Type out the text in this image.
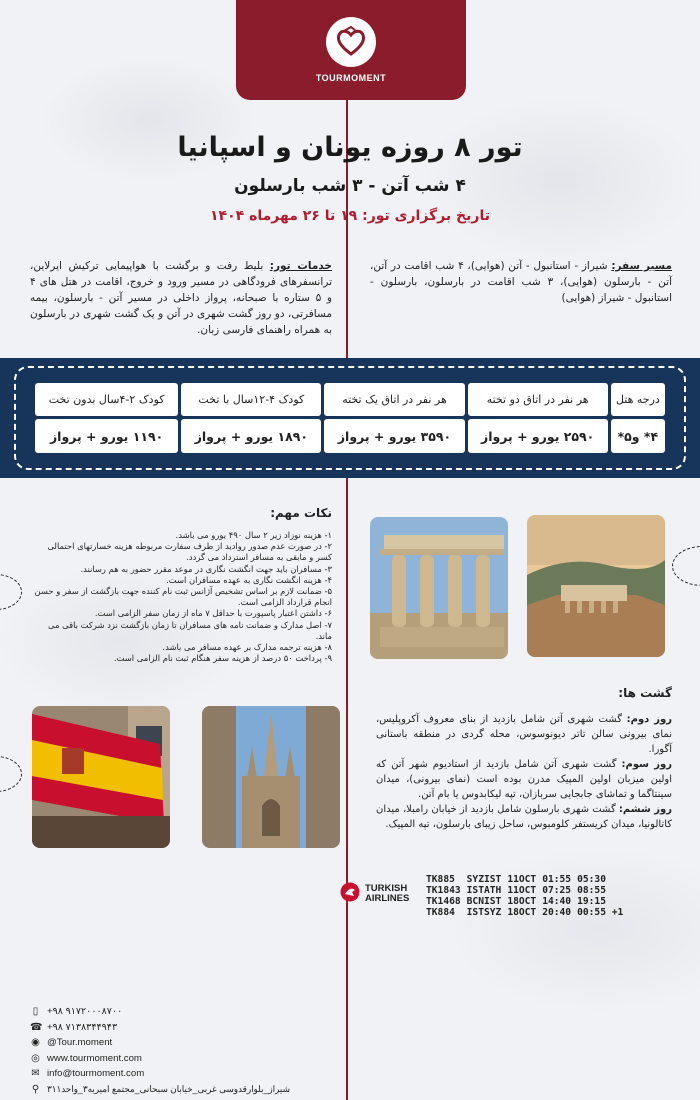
TOURMOMENT
تور ۸ روزه یونان و اسپانیا
۴ شب آتن - ۳ شب بارسلون
تاریخ برگزاری تور: ۱۹ تا ۲۶ مهرماه ۱۴۰۴
مسیر سفر: شیراز - استانبول - آتن (هوایی)، ۴ شب اقامت در آتن، آتن - بارسلون (هوایی)، ۳ شب اقامت در بارسلون، بارسلون - استانبول - شیراز (هوایی)
خدمات تور: بلیط رفت و برگشت با هواپیمایی ترکیش ایرلاین، ترانسفرهای فرودگاهی در مسیر ورود و خروج، اقامت در هتل های ۴ و ۵ ستاره با صبحانه، پرواز داخلی در مسیر آتن - بارسلون، بیمه مسافرتی، دو روز گشت شهری در آتن و یک گشت شهری در بارسلون به همراه راهنمای فارسی زبان.
درجه هتل	هر نفر در اتاق دو تخته	هر نفر در اتاق یک تخته	کودک ۴-۱۲سال با تخت	کودک ۲-۴سال بدون تخت
۴* و۵*	۲۵۹۰ یورو + پرواز	۳۵۹۰ یورو + پرواز	۱۸۹۰ یورو + پرواز	۱۱۹۰ یورو + پرواز
نکات مهم:
۱- هزینه نوزاد زیر ۲ سال ۴۹۰ یورو می باشد.
۲- در صورت عدم صدور روادید از طرف سفارت مربوطه هزینه خسارتهای احتمالی کسر و مابقی به مسافر استرداد می گردد.
۳- مسافران باید جهت انگشت نگاری در موعد مقرر حضور به هم رسانند.
۴- هزینه انگشت نگاری به عهده مسافران است.
۵- ضمانت لازم بر اساس تشخیص آژانس ثبت نام کننده جهت بازگشت از سفر و حسن انجام قرارداد الزامی است.
۶- داشتن اعتبار پاسپورت با حداقل ۷ ماه از زمان سفر الزامی است.
۷- اصل مدارک و ضمانت نامه های مسافران تا زمان بازگشت نزد شرکت باقی می ماند.
۸- هزینه ترجمه مدارک بر عهده مسافر می باشد.
۹- پرداخت ۵۰ درصد از هزینه سفر هنگام ثبت نام الزامی است.
گشت ها:
روز دوم: گشت شهری آتن شامل بازدید از بنای معروف آکروپلیس، نمای بیرونی سالن تاتر دیونوسوس، محله گردی در منطقه باستانی آگورا.
روز سوم: گشت شهری آتن شامل بازدید از استادیوم شهر آتن که اولین میزبان اولین المپیک مدرن بوده است (نمای بیرونی)، میدان سینتاگما و تماشای جابجایی سربازان، تپه لیکابدوس یا بام آتن.
روز ششم: گشت شهری بارسلون شامل بازدید از خیابان رامبلا، میدان کاتالونیا، میدان کریستفر کلومبوس، ساحل زیبای بارسلون، تپه المپیک.
TURKISH
AIRLINES
TK885	SYZIST	11OCT	01:55	05:30
TK1843	ISTATH	11OCT	07:25	08:55
TK1468	BCNIST	18OCT	14:40	19:15
TK884	ISTSYZ	18OCT	20:40	00:55 +1
▯ +۹۸ ۹۱۷۲۰۰۰۸۷۰۰
☎ +۹۸ ۷۱۳۸۳۴۴۹۴۳
◉ @Tour.moment
◎ www.tourmoment.com
✉ info@tourmoment.com
⚲ شیراز_بلوارقدوسی غربی_خیابان سبحانی_مجتمع امیریه۳_واحد۳۱۱
